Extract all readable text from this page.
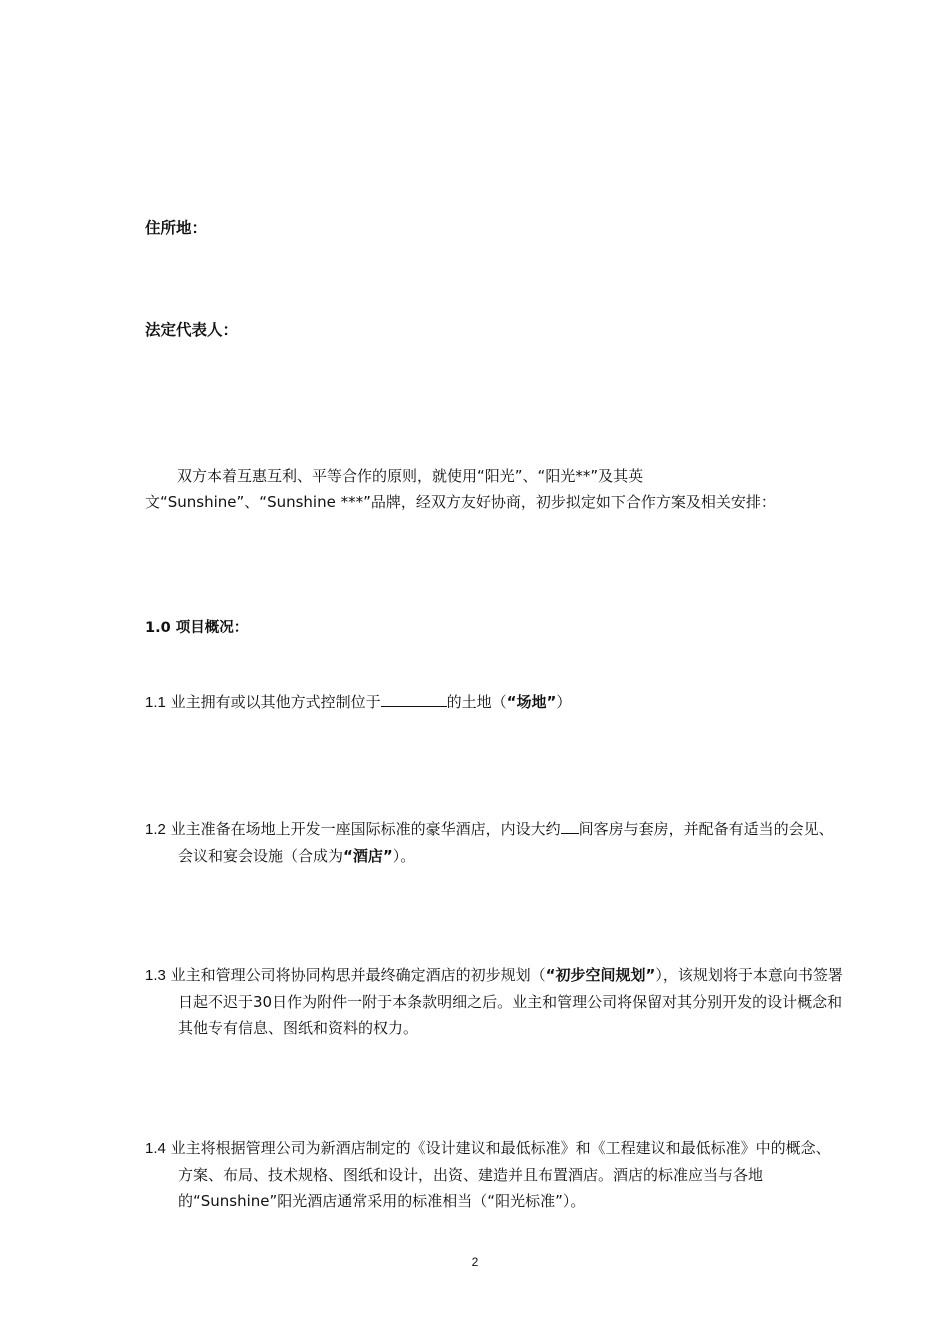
住所地：
法定代表人：
双方本着互惠互利、平等合作的原则，就使用“阳光”、“阳光**”及其英文“Sunshine”、“Sunshine ***”品牌，经双方友好协商，初步拟定如下合作方案及相关安排：
1.0 项目概况：
1.1 业主拥有或以其他方式控制位于	的土地（“场地”）
1.2 业主准备在场地上开发一座国际标准的豪华酒店，内设大约 间客房与套房，并配备有适当的会见、会议和宴会设施（合成为“酒店”）。
1.3 业主和管理公司将协同构思并最终确定酒店的初步规划（“初步空间规划”），该规划将于本意向书签署日起不迟于30日作为附件一附于本条款明细之后。业主和管理公司将保留对其分别开发的设计概念和其他专有信息、图纸和资料的权力。
1.4 业主将根据管理公司为新酒店制定的《设计建议和最低标准》和《工程建议和最低标准》中的概念、方案、布局、技术规格、图纸和设计，出资、建造并且布置酒店。酒店的标准应当与各地的“Sunshine”阳光酒店通常采用的标准相当（“阳光标准”）。
2
